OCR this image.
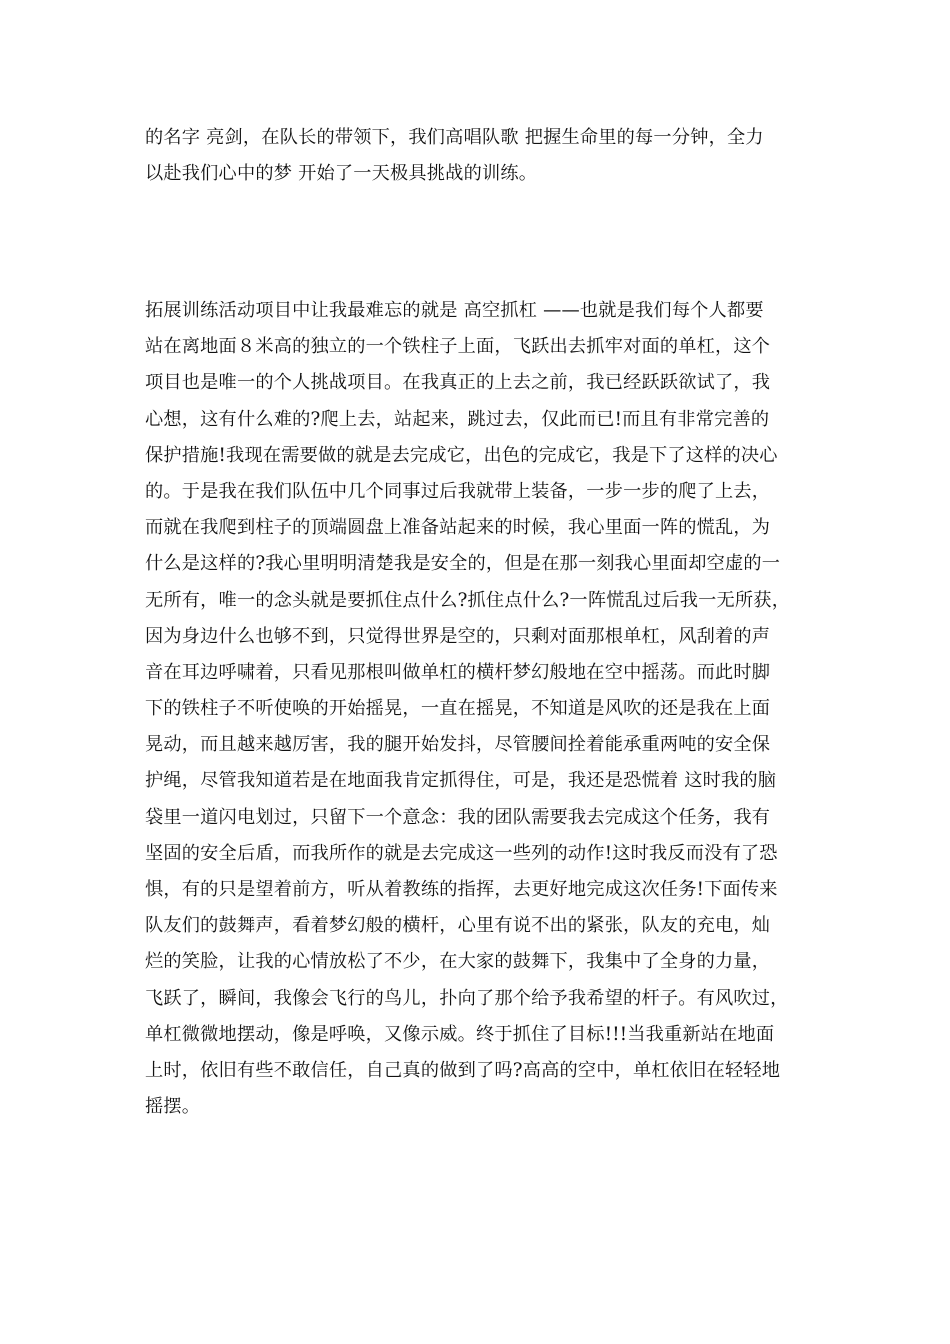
的名字 亮剑，在队长的带领下，我们高唱队歌 把握生命里的每一分钟，全力
以赴我们心中的梦 开始了一天极具挑战的训练。
拓展训练活动项目中让我最难忘的就是 高空抓杠 ——也就是我们每个人都要
站在离地面８米高的独立的一个铁柱子上面，飞跃出去抓牢对面的单杠，这个
项目也是唯一的个人挑战项目。在我真正的上去之前，我已经跃跃欲试了，我
心想，这有什么难的?爬上去，站起来，跳过去，仅此而已!而且有非常完善的
保护措施!我现在需要做的就是去完成它，出色的完成它，我是下了这样的决心
的。于是我在我们队伍中几个同事过后我就带上装备，一步一步的爬了上去，
而就在我爬到柱子的顶端圆盘上准备站起来的时候，我心里面一阵的慌乱，为
什么是这样的?我心里明明清楚我是安全的，但是在那一刻我心里面却空虚的一
无所有，唯一的念头就是要抓住点什么?抓住点什么?一阵慌乱过后我一无所获，
因为身边什么也够不到，只觉得世界是空的，只剩对面那根单杠，风刮着的声
音在耳边呼啸着，只看见那根叫做单杠的横杆梦幻般地在空中摇荡。而此时脚
下的铁柱子不听使唤的开始摇晃，一直在摇晃，不知道是风吹的还是我在上面
晃动，而且越来越厉害，我的腿开始发抖，尽管腰间拴着能承重两吨的安全保
护绳，尽管我知道若是在地面我肯定抓得住，可是，我还是恐慌着 这时我的脑
袋里一道闪电划过，只留下一个意念：我的团队需要我去完成这个任务，我有
坚固的安全后盾，而我所作的就是去完成这一些列的动作!这时我反而没有了恐
惧，有的只是望着前方，听从着教练的指挥，去更好地完成这次任务!下面传来
队友们的鼓舞声，看着梦幻般的横杆，心里有说不出的紧张，队友的充电，灿
烂的笑脸，让我的心情放松了不少，在大家的鼓舞下，我集中了全身的力量，
飞跃了，瞬间，我像会飞行的鸟儿，扑向了那个给予我希望的杆子。有风吹过，
单杠微微地摆动，像是呼唤，又像示威。终于抓住了目标!!!当我重新站在地面
上时，依旧有些不敢信任，自己真的做到了吗?高高的空中，单杠依旧在轻轻地
摇摆。
